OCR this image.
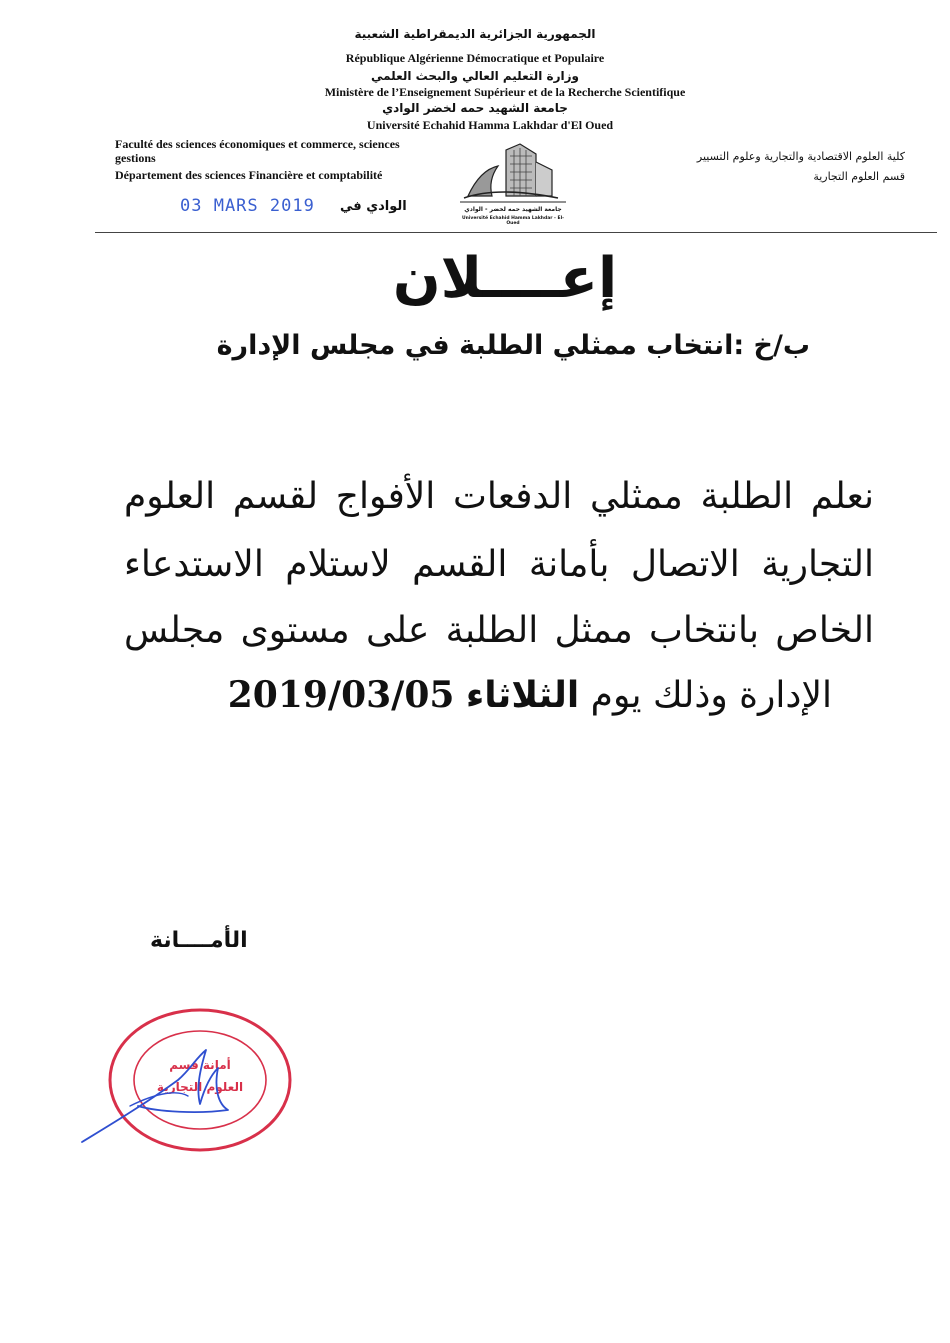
الجمهورية الجزائرية الديمقراطية الشعبية
République Algérienne Démocratique et Populaire
وزارة التعليم العالي والبحث العلمي
Ministère de l’Enseignement Supérieur et de la Recherche Scientifique
جامعة الشهيد حمه لخضر الوادي
Université Echahid Hamma Lakhdar d'El Oued
Faculté des sciences économiques et commerce, sciences
gestions
Département des sciences Financière et comptabilité
كلية العلوم الاقتصادية والتجارية وعلوم التسيير
قسم العلوم التجارية
جامعة الشهيد حمه لخضر - الوادي
Université Echahid Hamma Lakhdar - El-Oued
03 MARS 2019 الوادي في
إعــــلان
ب/خ :انتخاب ممثلي الطلبة في مجلس الإدارة
نعلم الطلبة ممثلي الدفعات الأفواج لقسم العلوم
التجارية الاتصال بأمانة القسم لاستلام الاستدعاء
الخاص بانتخاب ممثل الطلبة على مستوى مجلس
الإدارة وذلك يوم الثلاثاء 2019/03/05
الأمــــانة
أمانة قسم
العلوم التجارية
